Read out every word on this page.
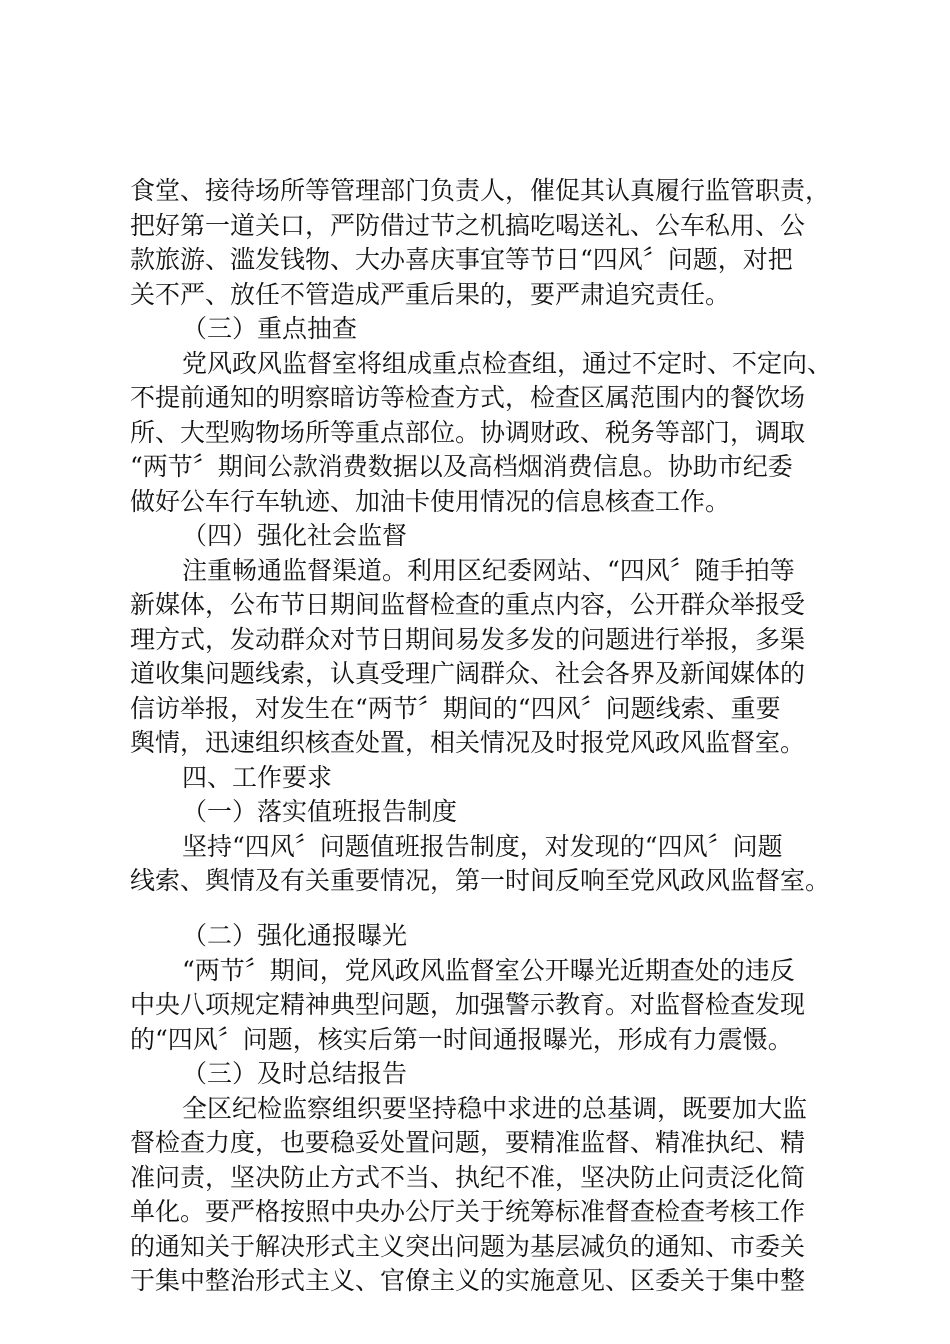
食堂、接待场所等管理部门负责人，催促其认真履行监管职责，
把好第一道关口，严防借过节之机搞吃喝送礼、公车私用、公
款旅游、滥发钱物、大办喜庆事宜等节日“四风〞问题，对把
关不严、放任不管造成严重后果的，要严肃追究责任。
（三）重点抽查
党风政风监督室将组成重点检查组，通过不定时、不定向、
不提前通知的明察暗访等检查方式，检查区属范围内的餐饮场
所、大型购物场所等重点部位。协调财政、税务等部门，调取
“两节〞期间公款消费数据以及高档烟消费信息。协助市纪委
做好公车行车轨迹、加油卡使用情况的信息核查工作。
（四）强化社会监督
注重畅通监督渠道。利用区纪委网站、“四风〞随手拍等
新媒体，公布节日期间监督检查的重点内容，公开群众举报受
理方式，发动群众对节日期间易发多发的问题进行举报，多渠
道收集问题线索，认真受理广阔群众、社会各界及新闻媒体的
信访举报，对发生在“两节〞期间的“四风〞问题线索、重要
舆情，迅速组织核查处置，相关情况及时报党风政风监督室。
四、工作要求
（一）落实值班报告制度
坚持“四风〞问题值班报告制度，对发现的“四风〞问题
线索、舆情及有关重要情况，第一时间反响至党风政风监督室。
（二）强化通报曝光
“两节〞期间，党风政风监督室公开曝光近期查处的违反
中央八项规定精神典型问题，加强警示教育。对监督检查发现
的“四风〞问题，核实后第一时间通报曝光，形成有力震慑。
（三）及时总结报告
全区纪检监察组织要坚持稳中求进的总基调，既要加大监
督检查力度，也要稳妥处置问题，要精准监督、精准执纪、精
准问责，坚决防止方式不当、执纪不准，坚决防止问责泛化简
单化。要严格按照中央办公厅关于统筹标准督查检查考核工作
的通知关于解决形式主义突出问题为基层减负的通知、市委关
于集中整治形式主义、官僚主义的实施意见、区委关于集中整
